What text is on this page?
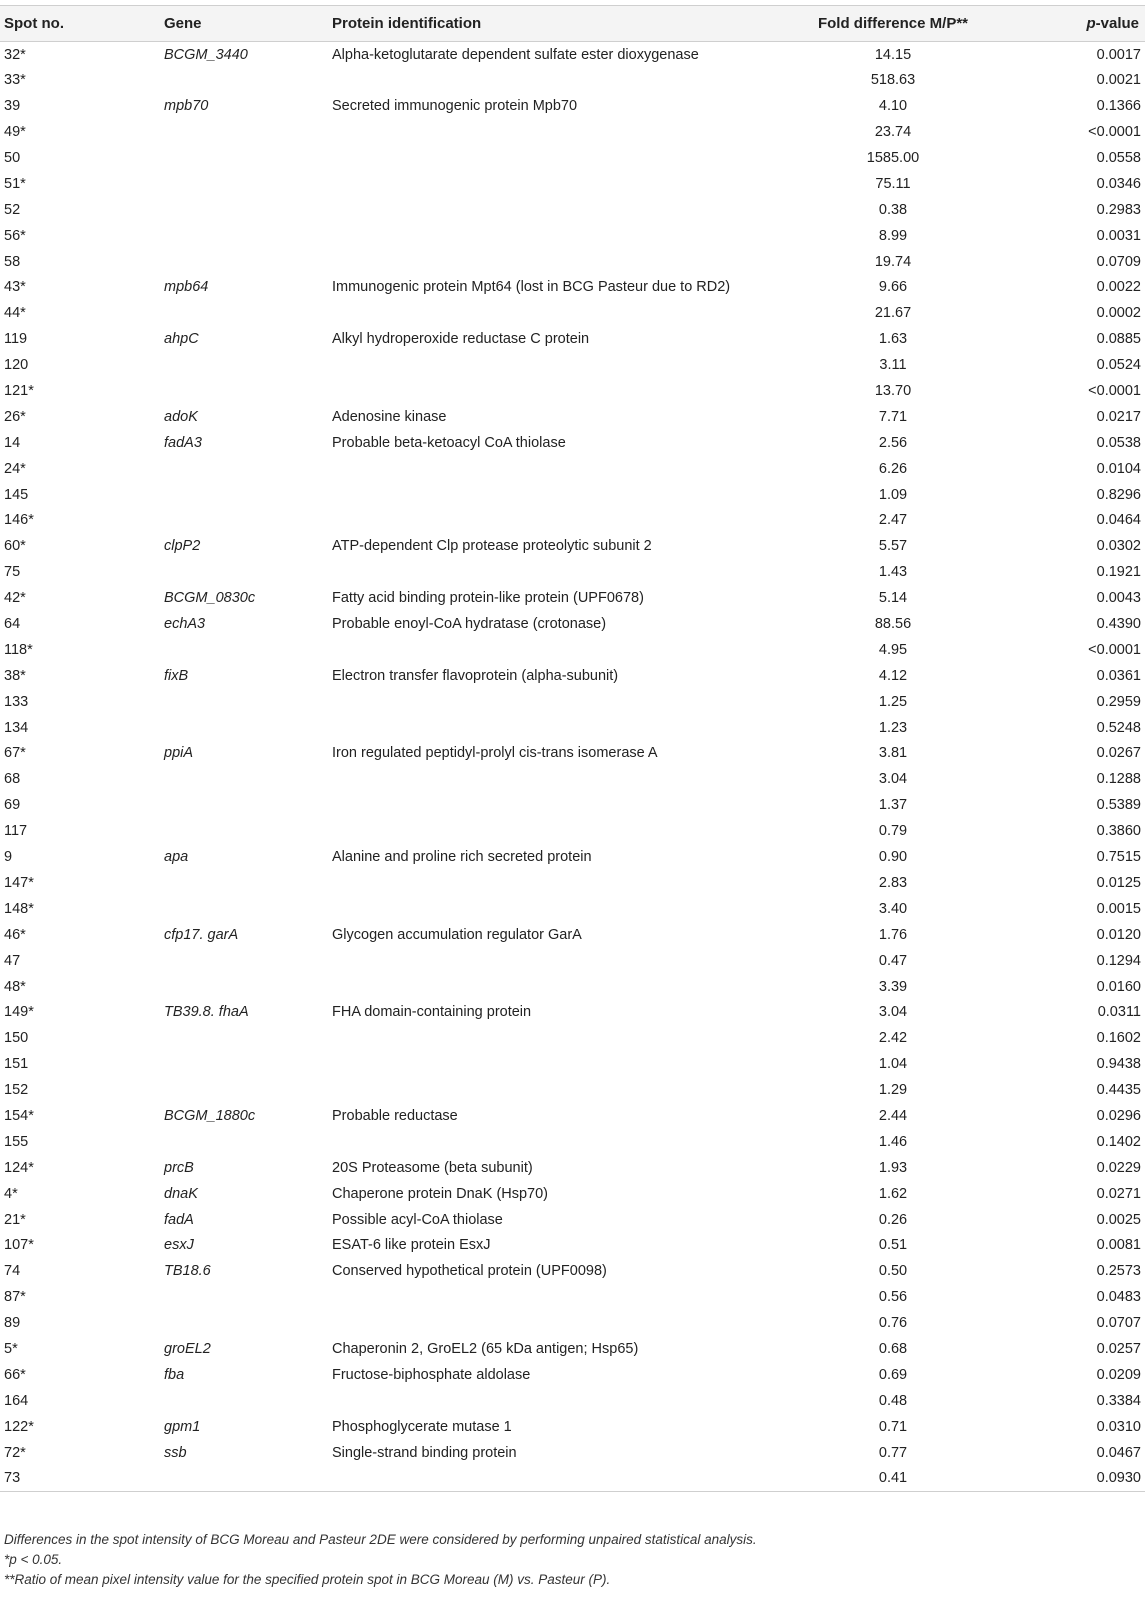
Spot no.	Gene	Protein identification	Fold difference M/P**	p-value
32*	BCGM_3440	Alpha-ketoglutarate dependent sulfate ester dioxygenase	14.15	0.0017
33*			518.63	0.0021
39	mpb70	Secreted immunogenic protein Mpb70	4.10	0.1366
49*			23.74	<0.0001
50			1585.00	0.0558
51*			75.11	0.0346
52			0.38	0.2983
56*			8.99	0.0031
58			19.74	0.0709
43*	mpb64	Immunogenic protein Mpt64 (lost in BCG Pasteur due to RD2)	9.66	0.0022
44*			21.67	0.0002
119	ahpC	Alkyl hydroperoxide reductase C protein	1.63	0.0885
120			3.11	0.0524
121*			13.70	<0.0001
26*	adoK	Adenosine kinase	7.71	0.0217
14	fadA3	Probable beta-ketoacyl CoA thiolase	2.56	0.0538
24*			6.26	0.0104
145			1.09	0.8296
146*			2.47	0.0464
60*	clpP2	ATP-dependent Clp protease proteolytic subunit 2	5.57	0.0302
75			1.43	0.1921
42*	BCGM_0830c	Fatty acid binding protein-like protein (UPF0678)	5.14	0.0043
64	echA3	Probable enoyl-CoA hydratase (crotonase)	88.56	0.4390
118*			4.95	<0.0001
38*	fixB	Electron transfer flavoprotein (alpha-subunit)	4.12	0.0361
133			1.25	0.2959
134			1.23	0.5248
67*	ppiA	Iron regulated peptidyl-prolyl cis-trans isomerase A	3.81	0.0267
68			3.04	0.1288
69			1.37	0.5389
117			0.79	0.3860
9	apa	Alanine and proline rich secreted protein	0.90	0.7515
147*			2.83	0.0125
148*			3.40	0.0015
46*	cfp17. garA	Glycogen accumulation regulator GarA	1.76	0.0120
47			0.47	0.1294
48*			3.39	0.0160
149*	TB39.8. fhaA	FHA domain-containing protein	3.04	0.0311
150			2.42	0.1602
151			1.04	0.9438
152			1.29	0.4435
154*	BCGM_1880c	Probable reductase	2.44	0.0296
155			1.46	0.1402
124*	prcB	20S Proteasome (beta subunit)	1.93	0.0229
4*	dnaK	Chaperone protein DnaK (Hsp70)	1.62	0.0271
21*	fadA	Possible acyl-CoA thiolase	0.26	0.0025
107*	esxJ	ESAT-6 like protein EsxJ	0.51	0.0081
74	TB18.6	Conserved hypothetical protein (UPF0098)	0.50	0.2573
87*			0.56	0.0483
89			0.76	0.0707
5*	groEL2	Chaperonin 2, GroEL2 (65 kDa antigen; Hsp65)	0.68	0.0257
66*	fba	Fructose-biphosphate aldolase	0.69	0.0209
164			0.48	0.3384
122*	gpm1	Phosphoglycerate mutase 1	0.71	0.0310
72*	ssb	Single-strand binding protein	0.77	0.0467
73			0.41	0.0930
Differences in the spot intensity of BCG Moreau and Pasteur 2DE were considered by performing unpaired statistical analysis.
*p < 0.05.
**Ratio of mean pixel intensity value for the specified protein spot in BCG Moreau (M) vs. Pasteur (P).
